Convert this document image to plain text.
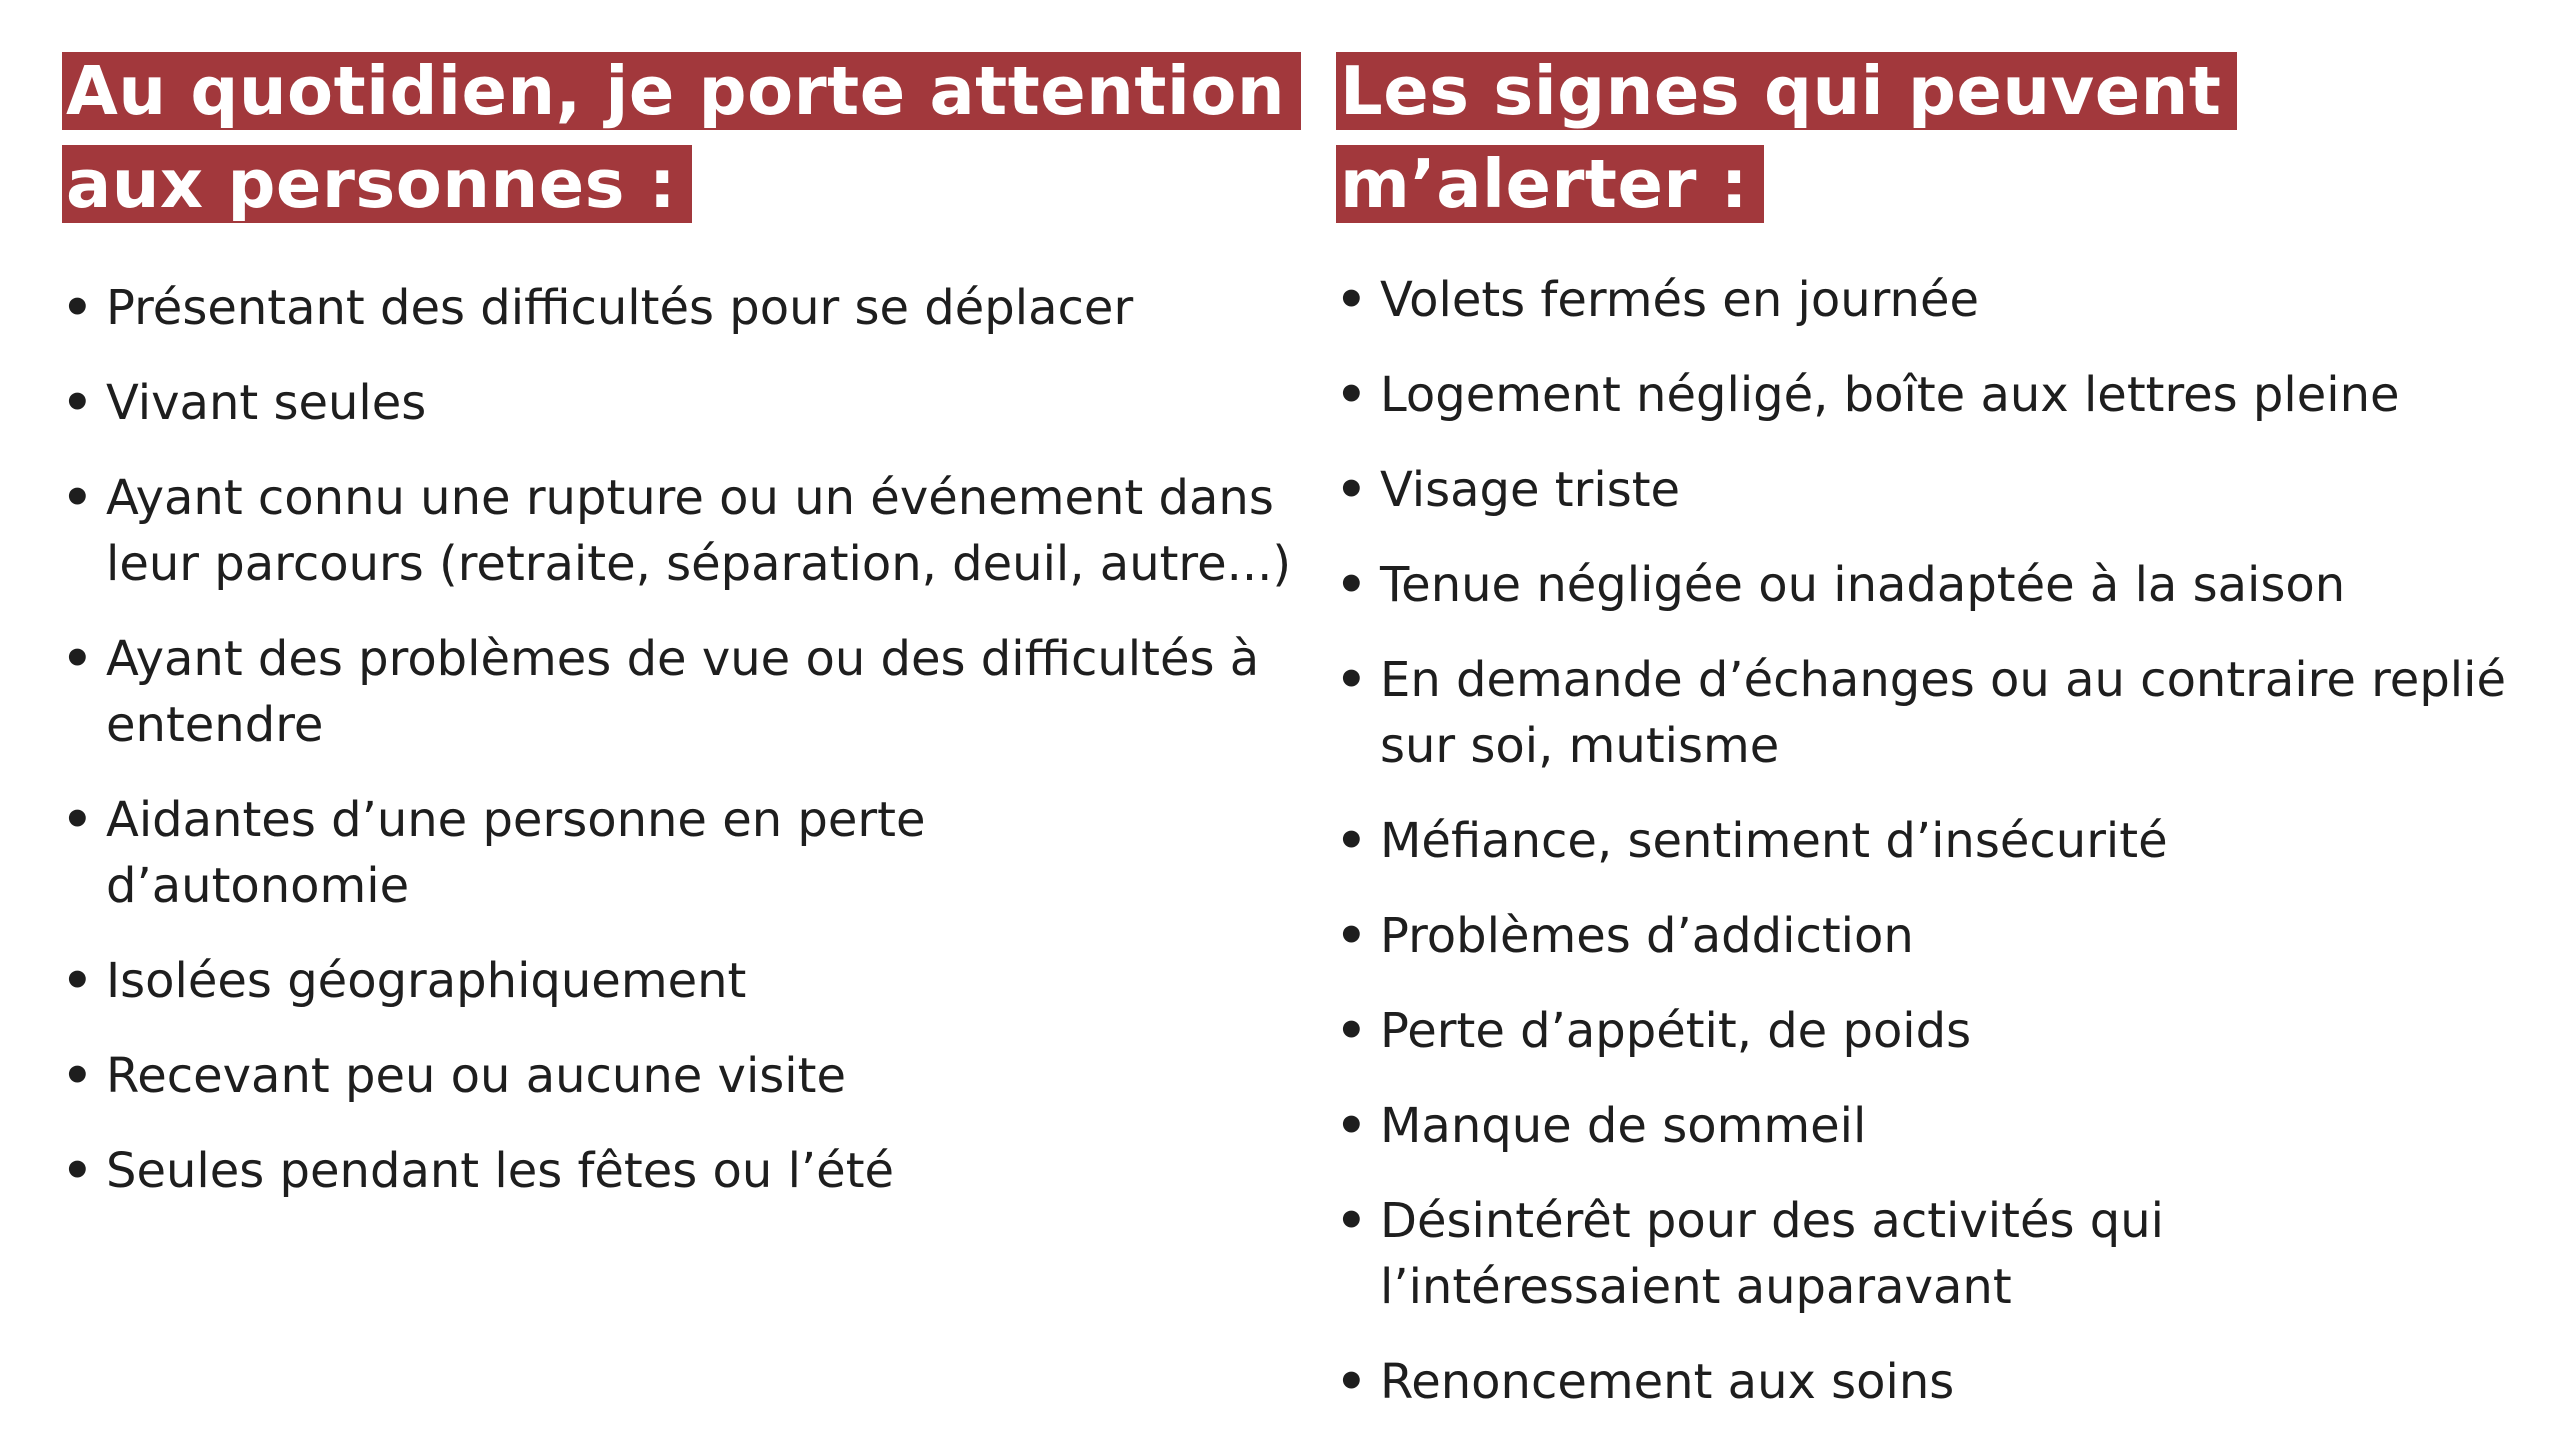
Au quotidien, je porte attention aux personnes :
• Présentant des difficultés pour se déplacer
• Vivant seules
• Ayant connu une rupture ou un événement dans leur parcours (retraite, séparation, deuil, autre...)
• Ayant des problèmes de vue ou des difficultés à entendre
• Aidantes d’une personne en perte d’autonomie
• Isolées géographiquement
• Recevant peu ou aucune visite
• Seules pendant les fêtes ou l’été
Les signes qui peuvent m’alerter :
• Volets fermés en journée
• Logement négligé, boîte aux lettres pleine
• Visage triste
• Tenue négligée ou inadaptée à la saison
• En demande d’échanges ou au contraire replié sur soi, mutisme
• Méfiance, sentiment d’insécurité
• Problèmes d’addiction
• Perte d’appétit, de poids
• Manque de sommeil
• Désintérêt pour des activités qui l’intéressaient auparavant
• Renoncement aux soins
